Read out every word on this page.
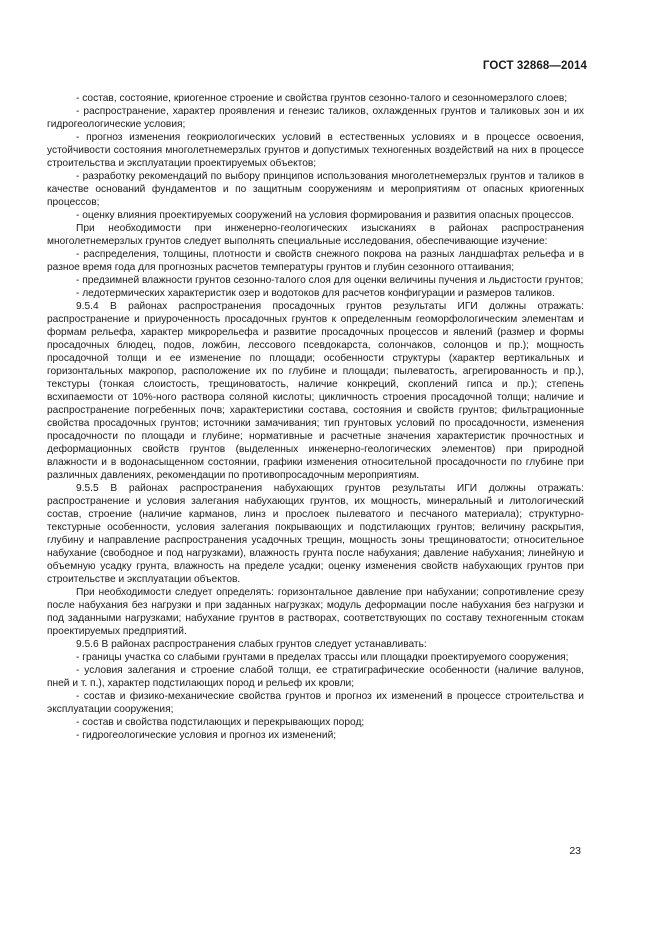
ГОСТ 32868—2014

- состав, состояние, криогенное строение и свойства грунтов сезонно-талого и сезонномерзлого слоев;

- распространение, характер проявления и генезис таликов, охлажденных грунтов и таликовых зон и их гидрогеологические условия;

- прогноз изменения геокриологических условий в естественных условиях и в процессе освоения, устойчивости состояния многолетнемерзлых грунтов и допустимых техногенных воздействий на них в процессе строительства и эксплуатации проектируемых объектов;

- разработку рекомендаций по выбору принципов использования многолетнемерзлых грунтов и таликов в качестве оснований фундаментов и по защитным сооружениям и мероприятиям от опасных криогенных процессов;

- оценку влияния проектируемых сооружений на условия формирования и развития опасных процессов.

При необходимости при инженерно-геологических изысканиях в районах распространения многолетнемерзлых грунтов следует выполнять специальные исследования, обеспечивающие изучение:

- распределения, толщины, плотности и свойств снежного покрова на разных ландшафтах рельефа и в разное время года для прогнозных расчетов температуры грунтов и глубин сезонного оттаивания;

- предзимней влажности грунтов сезонно-талого слоя для оценки величины пучения и льдистости грунтов;

- ледотермических характеристик озер и водотоков для расчетов конфигурации и размеров таликов.

9.5.4 В районах распространения просадочных грунтов результаты ИГИ должны отражать: распространение и приуроченность просадочных грунтов к определенным геоморфологическим элементам и формам рельефа, характер микрорельефа и развитие просадочных процессов и явлений (размер и формы просадочных блюдец, подов, ложбин, лессового псевдокарста, солончаков, солонцов и пр.); мощность просадочной толщи и ее изменение по площади; особенности структуры (характер вертикальных и горизонтальных макропор, расположение их по глубине и площади; пылеватость, агрегированность и пр.), текстуры (тонкая слоистость, трещиноватость, наличие конкреций, скоплений гипса и пр.); степень всхипаемости от 10%-ного раствора соляной кислоты; цикличность строения просадочной толщи; наличие и распространение погребенных почв; характеристики состава, состояния и свойств грунтов; фильтрационные свойства просадочных грунтов; источники замачивания; тип грунтовых условий по просадочности, изменения просадочности по площади и глубине; нормативные и расчетные значения характеристик прочностных и деформационных свойств грунтов (выделенных инженерно-геологических элементов) при природной влажности и в водонасыщенном состоянии, графики изменения относительной просадочности по глубине при различных давлениях, рекомендации по противопросадочным мероприятиям.

9.5.5 В районах распространения набухающих грунтов результаты ИГИ должны отражать: распространение и условия залегания набухающих грунтов, их мощность, минеральный и литологический состав, строение (наличие карманов, линз и прослоек пылеватого и песчаного материала); структурно-текстурные особенности, условия залегания покрывающих и подстилающих грунтов; величину раскрытия, глубину и направление распространения усадочных трещин, мощность зоны трещиноватости; относительное набухание (свободное и под нагрузками), влажность грунта после набухания; давление набухания; линейную и объемную усадку грунта, влажность на пределе усадки; оценку изменения свойств набухающих грунтов при строительстве и эксплуатации объектов.

При необходимости следует определять: горизонтальное давление при набухании; сопротивление срезу после набухания без нагрузки и при заданных нагрузках; модуль деформации после набухания без нагрузки и под заданными нагрузками; набухание грунтов в растворах, соответствующих по составу техногенным стокам проектируемых предприятий.

9.5.6 В районах распространения слабых грунтов следует устанавливать:

- границы участка со слабыми грунтами в пределах трассы или площадки проектируемого сооружения;

- условия залегания и строение слабой толщи, ее стратиграфические особенности (наличие валунов, пней и т. п.), характер подстилающих пород и рельеф их кровли;

- состав и физико-механические свойства грунтов и прогноз их изменений в процессе строительства и эксплуатации сооружения;

- состав и свойства подстилающих и перекрывающих пород;

- гидрогеологические условия и прогноз их изменений;

23
